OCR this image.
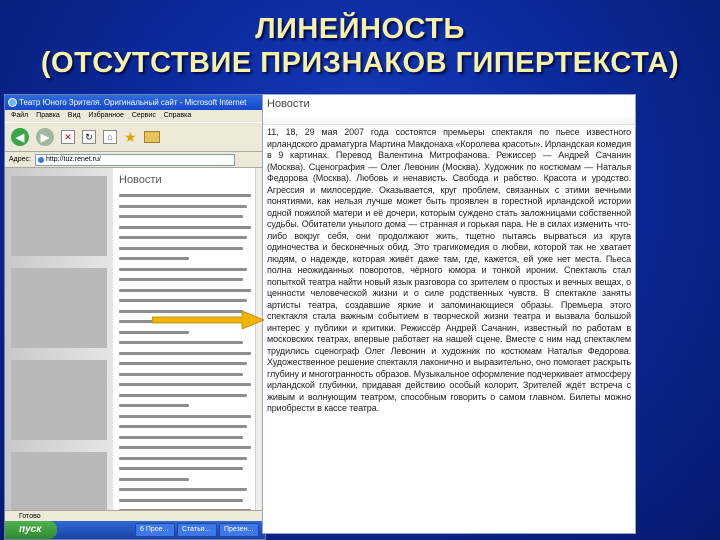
ЛИНЕЙНОСТЬ
(ОТСУТСТВИЕ ПРИЗНАКОВ ГИПЕРТЕКСТА)
Театр Юного Зрителя. Оригинальный сайт - Microsoft Internet
Файл Правка Вид Избранное Сервис Справка
◀	▶	✕	↻	⌂ ★
Адрес:	http://tuz.renet.ru/
Новости
Готово
пуск	6 Прое...	Статья...	Презен...
Новости
11, 18, 29 мая 2007 года состоятся премьеры спектакля по пьесе известного ирландского драматурга Мартина Макдонаха «Королева красоты». Ирландская комедия в 9 картинах. Перевод Валентина Митрофанова. Режиссер — Андрей Сачанин (Москва). Сценография — Олег Левонин (Москва). Художник по костюмам — Наталья Федорова (Москва). Любовь и ненависть. Свобода и рабство. Красота и уродство. Агрессия и милосердие. Оказывается, круг проблем, связанных с этими вечными понятиями, как нельзя лучше может быть проявлен в горестной ирландской истории одной пожилой матери и её дочери, которым суждено стать заложницами собственной судьбы. Обитатели унылого дома — странная и горькая пара. Не в силах изменить что-либо вокруг себя, они продолжают жить, тщетно пытаясь вырваться из круга одиночества и бесконечных обид. Это трагикомедия о любви, которой так не хватает людям, о надежде, которая живёт даже там, где, кажется, ей уже нет места. Пьеса полна неожиданных поворотов, чёрного юмора и тонкой иронии. Спектакль стал попыткой театра найти новый язык разговора со зрителем о простых и вечных вещах, о ценности человеческой жизни и о силе родственных чувств. В спектакле заняты артисты театра, создавшие яркие и запоминающиеся образы. Премьера этого спектакля стала важным событием в творческой жизни театра и вызвала большой интерес у публики и критики. Режиссёр Андрей Сачанин, известный по работам в московских театрах, впервые работает на нашей сцене. Вместе с ним над спектаклем трудились сценограф Олег Левонин и художник по костюмам Наталья Федорова. Художественное решение спектакля лаконично и выразительно, оно помогает раскрыть глубину и многогранность образов. Музыкальное оформление подчеркивает атмосферу ирландской глубинки, придавая действию особый колорит. Зрителей ждёт встреча с живым и волнующим театром, способным говорить о самом главном. Билеты можно приобрести в кассе театра.
